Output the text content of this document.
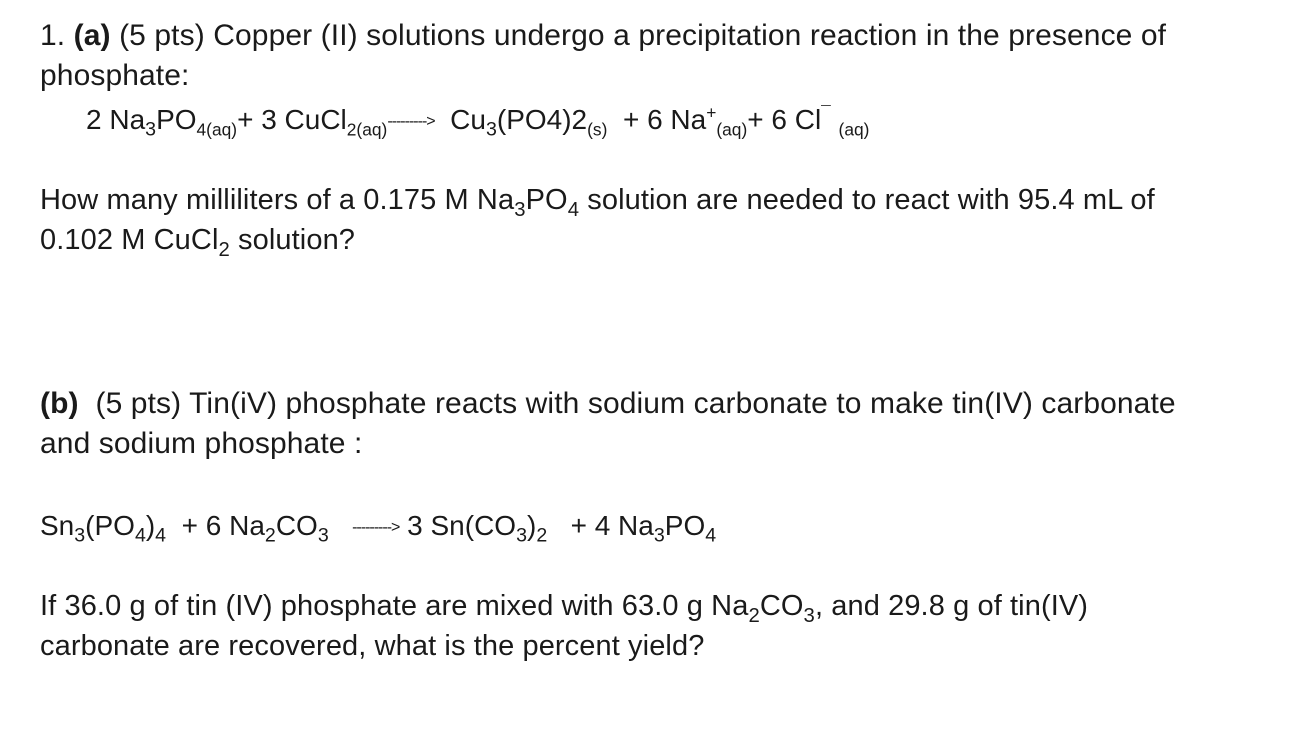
1. (a) (5 pts) Copper (II) solutions undergo a precipitation reaction in the presence of
phosphate:
2 $Na_3PO_{4(aq)}+ 3$ CuCl$_{2(aq)}$---------> $Cu_3(PO4)2_{(s)} + 6$ $Na^+_{(aq)}+ 6$ Cl¯ $_{(aq)}$
How many milliliters of a 0.175 M $Na_3PO_4$ solution are needed to react with 95.4 mL of
0.102 M CuCl$_2$ solution?
(b) (5 pts) Tin(iV) phosphate reacts with sodium carbonate to make tin(IV) carbonate
and sodium phosphate :
$Sn_3(PO_4)_4 + 6$ $Na_2CO_3$ ---------> 3 $Sn(CO_3)_2 + 4$ $Na_3PO_4$
If 36.0 g of tin (IV) phosphate are mixed with 63.0 g $Na_2CO_3$, and 29.8 g of tin(IV)
carbonate are recovered, what is the percent yield?
